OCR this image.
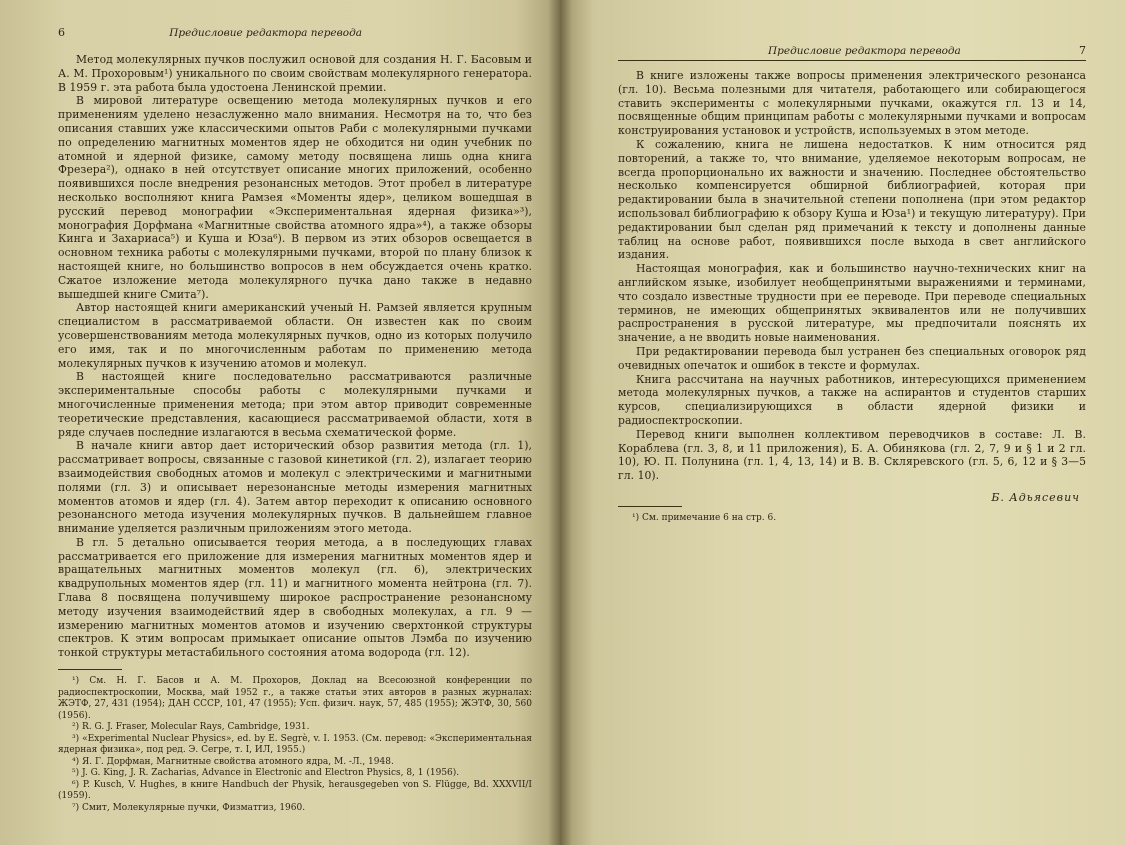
6	Предисловие редактора перевода

Метод молекулярных пучков послужил основой для создания Н. Г. Басовым и А. М. Прохоровым¹) уникального по своим свойствам молекулярного генератора. В 1959 г. эта работа была удостоена Ленинской премии.

В мировой литературе освещению метода молекулярных пучков и его применениям уделено незаслуженно мало внимания. Несмотря на то, что без описания ставших уже классическими опытов Раби с молекулярными пучками по определению магнитных моментов ядер не обходится ни один учебник по атомной и ядерной физике, самому методу посвящена лишь одна книга Фрезера²), однако в ней отсутствует описание многих приложений, особенно появившихся после внедрения резонансных методов. Этот пробел в литературе несколько восполняют книга Рамзея «Моменты ядер», целиком вошедшая в русский перевод монографии «Экспериментальная ядерная физика»³), монография Дорфмана «Магнитные свойства атомного ядра»⁴), а также обзоры Кинга и Захариаса⁵) и Куша и Юза⁶). В первом из этих обзоров освещается в основном техника работы с молекулярными пучками, второй по плану близок к настоящей книге, но большинство вопросов в нем обсуждается очень кратко. Сжатое изложение метода молекулярного пучка дано также в недавно вышедшей книге Смита⁷).

Автор настоящей книги американский ученый Н. Рамзей является крупным специалистом в рассматриваемой области. Он известен как по своим усовершенствованиям метода молекулярных пучков, одно из которых получило его имя, так и по многочисленным работам по применению метода молекулярных пучков к изучению атомов и молекул.

В настоящей книге последовательно рассматриваются различные экспериментальные способы работы с молекулярными пучками и многочисленные применения метода; при этом автор приводит современные теоретические представления, касающиеся рассматриваемой области, хотя в ряде случаев последние излагаются в весьма схематической форме.

В начале книги автор дает исторический обзор развития метода (гл. 1), рассматривает вопросы, связанные с газовой кинетикой (гл. 2), излагает теорию взаимодействия свободных атомов и молекул с электрическими и магнитными полями (гл. 3) и описывает нерезонансные методы измерения магнитных моментов атомов и ядер (гл. 4). Затем автор переходит к описанию основного резонансного метода изучения молекулярных пучков. В дальнейшем главное внимание уделяется различным приложениям этого метода.

В гл. 5 детально описывается теория метода, а в последующих главах рассматривается его приложение для измерения магнитных моментов ядер и вращательных магнитных моментов молекул (гл. 6), электрических квадрупольных моментов ядер (гл. 11) и магнитного момента нейтрона (гл. 7). Глава 8 посвящена получившему широкое распространение резонансному методу изучения взаимодействий ядер в свободных молекулах, а гл. 9 — измерению магнитных моментов атомов и изучению сверхтонкой структуры спектров. К этим вопросам примыкает описание опытов Лэмба по изучению тонкой структуры метастабильного состояния атома водорода (гл. 12).

¹) См. Н. Г. Басов и А. М. Прохоров, Доклад на Всесоюзной конференции по радиоспектроскопии, Москва, май 1952 г., а также статьи этих авторов в разных журналах: ЖЭТФ, 27, 431 (1954); ДАН СССР, 101, 47 (1955); Усп. физич. наук, 57, 485 (1955); ЖЭТФ, 30, 560 (1956).

²) R. G. J. Fraser, Molecular Rays, Cambridge, 1931.

³) «Experimental Nuclear Physics», ed. by E. Segrè, v. I. 1953. (См. перевод: «Экспериментальная ядерная физика», под ред. Э. Сегре, т. I, ИЛ, 1955.)

⁴) Я. Г. Дорфман, Магнитные свойства атомного ядра, М. -Л., 1948.

⁵) J. G. King, J. R. Zacharias, Advance in Electronic and Electron Physics, 8, 1 (1956).

⁶) P. Kusch, V. Hughes, в книге Handbuch der Physik, herausgegeben von S. Flügge, Bd. XXXVII/I (1959).

⁷) Смит, Молекулярные пучки, Физматгиз, 1960.

Предисловие редактора перевода	7

В книге изложены также вопросы применения электрического резонанса (гл. 10). Весьма полезными для читателя, работающего или собирающегося ставить эксперименты с молекулярными пучками, окажутся гл. 13 и 14, посвященные общим принципам работы с молекулярными пучками и вопросам конструирования установок и устройств, используемых в этом методе.

К сожалению, книга не лишена недостатков. К ним относится ряд повторений, а также то, что внимание, уделяемое некоторым вопросам, не всегда пропорционально их важности и значению. Последнее обстоятельство несколько компенсируется обширной библиографией, которая при редактировании была в значительной степени пополнена (при этом редактор использовал библиографию к обзору Куша и Юза¹) и текущую литературу). При редактировании был сделан ряд примечаний к тексту и дополнены данные таблиц на основе работ, появившихся после выхода в свет английского издания.

Настоящая монография, как и большинство научно-технических книг на английском языке, изобилует необщепринятыми выражениями и терминами, что создало известные трудности при ее переводе. При переводе специальных терминов, не имеющих общепринятых эквивалентов или не получивших распространения в русской литературе, мы предпочитали пояснять их значение, а не вводить новые наименования.

При редактировании перевода был устранен без специальных оговорок ряд очевидных опечаток и ошибок в тексте и формулах.

Книга рассчитана на научных работников, интересующихся применением метода молекулярных пучков, а также на аспирантов и студентов старших курсов, специализирующихся в области ядерной физики и радиоспектроскопии.

Перевод книги выполнен коллективом переводчиков в составе: Л. В. Кораблева (гл. 3, 8, и 11 приложения), Б. А. Обинякова (гл. 2, 7, 9 и § 1 и 2 гл. 10), Ю. П. Полунина (гл. 1, 4, 13, 14) и В. В. Склярeвского (гл. 5, 6, 12 и § 3—5 гл. 10).

Б. Адьясевич

¹) См. примечание 6 на стр. 6.
